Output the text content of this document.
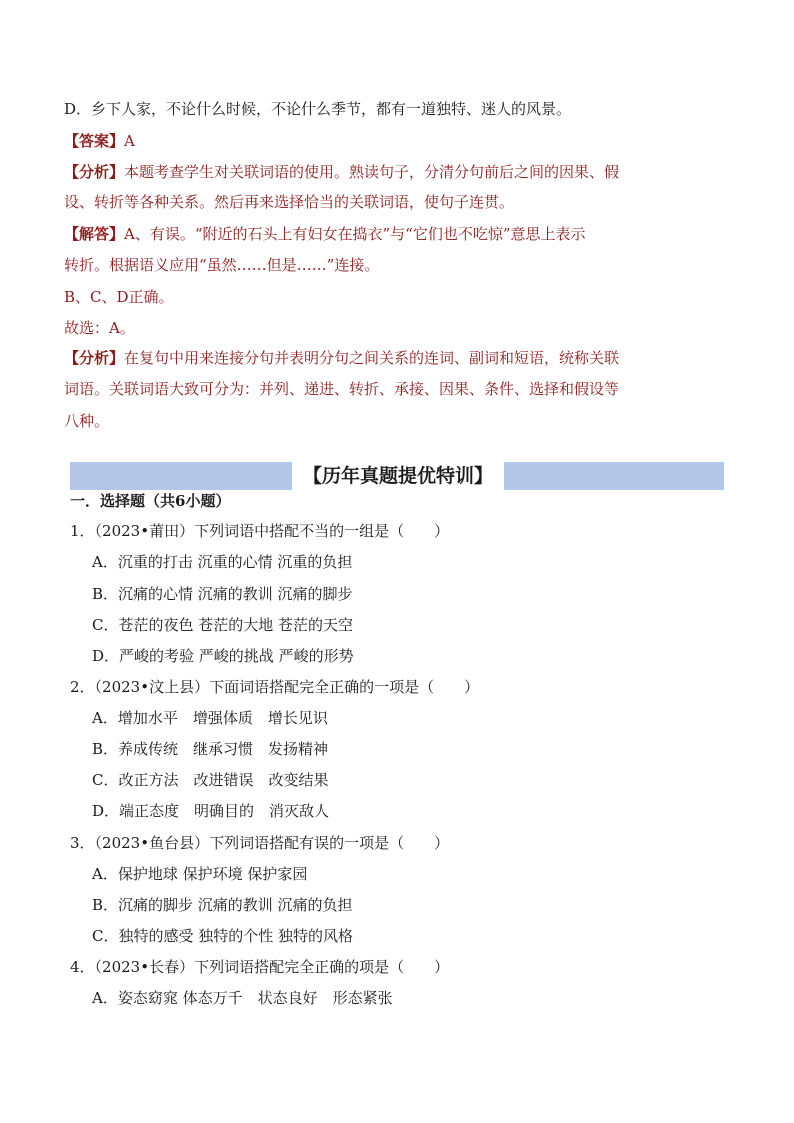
D．乡下人家，不论什么时候，不论什么季节，都有一道独特、迷人的风景。
【答案】A
【分析】本题考查学生对关联词语的使用。熟读句子，分清分句前后之间的因果、假
设、转折等各种关系。然后再来选择恰当的关联词语，使句子连贯。
【解答】A、有误。“附近的石头上有妇女在捣衣”与“它们也不吃惊”意思上表示
转折。根据语义应用“虽然……但是……”连接。
B、C、D正确。
故选：A。
【分析】在复句中用来连接分句并表明分句之间关系的连词、副词和短语，统称关联
词语。关联词语大致可分为：并列、递进、转折、承接、因果、条件、选择和假设等
八种。
【历年真题提优特训】
一．选择题（共6小题）
1．（2023•莆田）下列词语中搭配不当的一组是（　　）
A．沉重的打击 沉重的心情 沉重的负担
B．沉痛的心情 沉痛的教训 沉痛的脚步
C．苍茫的夜色 苍茫的大地 苍茫的天空
D．严峻的考验 严峻的挑战 严峻的形势
2．（2023•汶上县）下面词语搭配完全正确的一项是（　　）
A．增加水平　增强体质　增长见识
B．养成传统　继承习惯　发扬精神
C．改正方法　改进错误　改变结果
D．端正态度　明确目的　消灭敌人
3．（2023•鱼台县）下列词语搭配有误的一项是（　　）
A．保护地球 保护环境 保护家园
B．沉痛的脚步 沉痛的教训 沉痛的负担
C．独特的感受 独特的个性 独特的风格
4．（2023•长春）下列词语搭配完全正确的项是（　　）
A．姿态窈窕 体态万千　状态良好　形态紧张
